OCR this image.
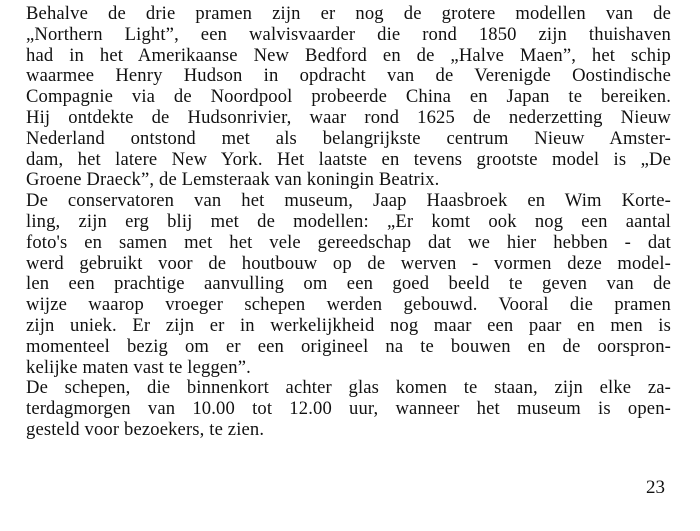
Behalve de drie pramen zijn er nog de grotere modellen van de
„Northern Light”, een walvisvaarder die rond 1850 zijn thuishaven
had in het Amerikaanse New Bedford en de „Halve Maen”, het schip
waarmee Henry Hudson in opdracht van de Verenigde Oostindische
Compagnie via de Noordpool probeerde China en Japan te bereiken.
Hij ontdekte de Hudsonrivier, waar rond 1625 de nederzetting Nieuw
Nederland ontstond met als belangrijkste centrum Nieuw Amster-
dam, het latere New York. Het laatste en tevens grootste model is „De
Groene Draeck”, de Lemsteraak van koningin Beatrix.
De conservatoren van het museum, Jaap Haasbroek en Wim Korte-
ling, zijn erg blij met de modellen: „Er komt ook nog een aantal
foto's en samen met het vele gereedschap dat we hier hebben - dat
werd gebruikt voor de houtbouw op de werven - vormen deze model-
len een prachtige aanvulling om een goed beeld te geven van de
wijze waarop vroeger schepen werden gebouwd. Vooral die pramen
zijn uniek. Er zijn er in werkelijkheid nog maar een paar en men is
momenteel bezig om er een origineel na te bouwen en de oorspron-
kelijke maten vast te leggen”.
De schepen, die binnenkort achter glas komen te staan, zijn elke za-
terdagmorgen van 10.00 tot 12.00 uur, wanneer het museum is open-
gesteld voor bezoekers, te zien.
23
